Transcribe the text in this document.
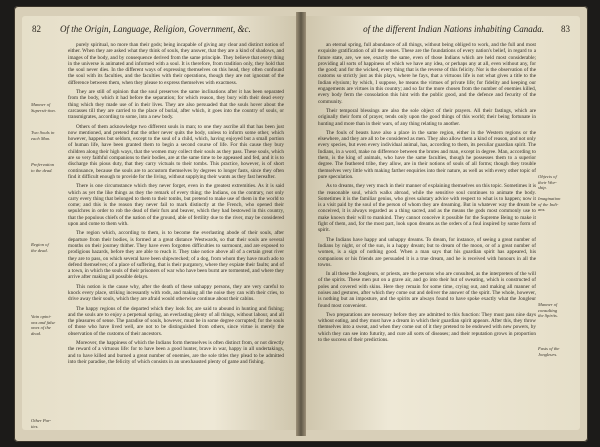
82 Of the Origin, Language, Religion, Government, &c.
Manner of
Supersti-tion.
Two Souls in
each Man.
Prefervation
to the dead.
Region of
the dead.
Vain opini-
ons and false
ones of the
dead.
Other Par-
ties.

purely spiritual, no more than their gods; being incapable of giving any clear and distinct notion of either. When they are asked what they think of souls, they answer, that they are a kind of shadows, and images of the body, and by consequence derived from the same principle. They believe that every thing in the universe is animated and informed with a soul. It is therefore, from tradition only, they hold that the soul never dies. In the different ways of expressing themselves on this head, they often confound the soul with its faculties, and the faculties with their operations, though they are not ignorant of the difference between them, when they please to express themselves with exactness.

They are still of opinion that the soul preserves the same inclinations after it has been separated from the body, which it had before the separation; for which reason, they bury with their dead every thing which they made use of in their lives. They are also persuaded that the souls hover about the carcasses till they are carried to the place of burial, after which, it goes into the country of souls, or transmigrates, according to some, into a new body.

Others of them acknowledge two different souls in man; to one they ascribe all that has been just now mentioned, and pretend that the other never quits the body, unless to inform some other, which however, happens but seldom, except to the soul of a child, which, having enjoyed but a small portion of human life, have been granted them to begin a second course of life. For this cause they bury children along their high ways, that the women may collect their souls as they pass. These souls, which are so very faithful companions to their bodies, are at the same time to be appeased and fed, and it is to discharge this pious duty, that they carry victuals to their tombs. This practice, however, is of short continuance, because the souls are to accustom themselves by degrees to longer fasts, since they often find it difficult enough to provide for the living, without supplying their wants as they fast hereafter.

There is one circumstance which they never forget, even in the greatest extremities. As it is said which as yet the like things as they the remark of every thing; the Indians, on the contrary, not only carry every thing that belonged to them to their tombs, but pretend to make use of them in the world to come; and this is the reason they never fail to mark distinctly at the French, who opened their sepulchres in order to rob the dead of their furs and beaver, which they had bestowed in this country, that the populous chiefs of the nation of the ground, able of fertility due to the river, may be considered upon and come to them with.

The region which, according to them, is to become the everlasting abode of their souls, after departure from their bodies, is formed at a great distance Westwards, so that their souls are several months on their journey thither. They have even forgotten difficulties to surmount, and are exposed to prodigious hazards, before they are able to reach it. They take notice above all of a certain great river they are to pass, on which several have been shipwrecked; of a dog, from whom they have much ado to defend themselves; of a place of suffering, that is their purgatory, where they expiate their faults; and of a town, in which the souls of their prisoners of war who have been burnt are tormented, and where they arrive after making all possible delays.

This notion is the cause why, after the death of these unhappy persons, they are very careful to knock every place, striking incessantly with rods, and making all the noise they can with their cries, to drive away their souls, which they are afraid would otherwise continue about their cabins.

The happy regions of the departed which they look for, are said to abound in hunting and fishing; and the souls are to enjoy a perpetual spring, an everlasting plenty of all things, without labour, and all the pleasures of sense. The paradise of souls, however, must be in some degree corrupted; for the souls of those who have lived well, are not to be distinguished from others, since virtue is merely the observation of the customs of their ancestors.

Moreover, the happiness of which the Indians form themselves is often distinct from, or not directly the reward of a virtuous life: for to have been a good hunter, brave in war, happy in all undertakings, and to have killed and burned a great number of enemies, are the sole titles they plead to be admitted into their paradise, the felicity of which consists in an unexhausted plenty of game and fishing.

of the different Indian Nations inhabiting Canada. 83
Objects of
their Wor-
ship.
Imagination
of the Indi-
ans.
Manner of
consulting
the Spirits.
Fasts of the
Jongleurs.

an eternal spring, full abundance of all things, without being obliged to work, and the full and most exquisite gratification of all the senses. These are the foundations of every nation's belief, in regard to a future state, are, we see, exactly the same, even of those Indians which are held most considerable; providing all sorts of happiness of which we have any idea, or perhaps any at all, even without any, for the good; and for the wicked, every thing that is the reverse of this felicity. Nor is the observation of the customs so strictly just as this plays, where he fays, that a virtuous life is not what gives a title to the Indian elysium; by which, I suppose, he means the virtues of private life; for fidelity and keeping our engagements are virtues in this country; and so far the more chosen from the number of enemies killed, every body ferm the consolation this hint with the public good, and the defence and fecurity of the community.

Their temporal blessings are also the sole object of their prayers. All their fastings, which are originally their form of prayer, tends only upon the good things of this world; their being fortunate in hunting and more than in their wars, of any thing relating to another.

The fouls of beasts have also a place in the same region, either in the Western regions or the elsewhere, and they are all to be considered as men. They also allow them a kind of reason, and not only every species, but even every individual animal, has, according to them, its peculiar guardian spirit. The Indians, in a word, make no difference between the brutes and man, except in degree. Man, according to them, is the king of animals, who have the same faculties, though he possesses them to a superior degree. The feathered tribe, they allow, are in their notions of souls of all forms; though they trouble themselves very little with making farther enquiries into their nature, as well as with every other topic of pure speculation.

As to dreams, they very much in their manner of explaining themselves on this topic. Sometimes it is the reasonable soul, which walks abroad, while the sensitive soul continues to animate the body. Sometimes it is the familiar genius, who gives salutary advice with respect to what is to happen; now it is a visit paid by the soul of the person of whom they are dreaming. But in whatever way the dream be conceived, it is always regarded as a thing sacred, and as the means the gods most commonly use to make known their will to mankind. They cannot conceive it possible for the Supreme Being to make it fight of them, and, for the most part, look upon dreams as the orders of a foul inspired by some form of spirit.

The Indians have happy and unhappy dreams. To dream, for instance, of seeing a great number of Indians by night, or of the sun, is a happy dream; but to dream of the moon, or of a great number of women, is a sign of nothing good. When a man says that his guardian spirit has appeared, his companions or his friends are persuaded it is a true dream, and he is received with honours in all the towns.

In all these the Jongleurs, or priests, are the persons who are consulted, as the interpreters of the will of the spirits. These men put on a grave air, and go into their hut of sweating, which is constructed of poles and covered with skins. Here they remain for some time, crying out, and making all manner of noises and gestures, after which they come out and deliver the answer of the spirit. The whole, however, is nothing but an imposture, and the spirits are always found to have spoke exactly what the Jongleur found most convenient.

Two preparations are necessary before they are admitted to this function: They must pass nine days without eating, and they must have a dream in which their guardian spirit appears. After this, they throw themselves into a sweat, and when they come out of it they pretend to be endowed with new powers, by which they can see into futurity, and cure all sorts of diseases; and their reputation grows in proportion to the success of their predictions.
